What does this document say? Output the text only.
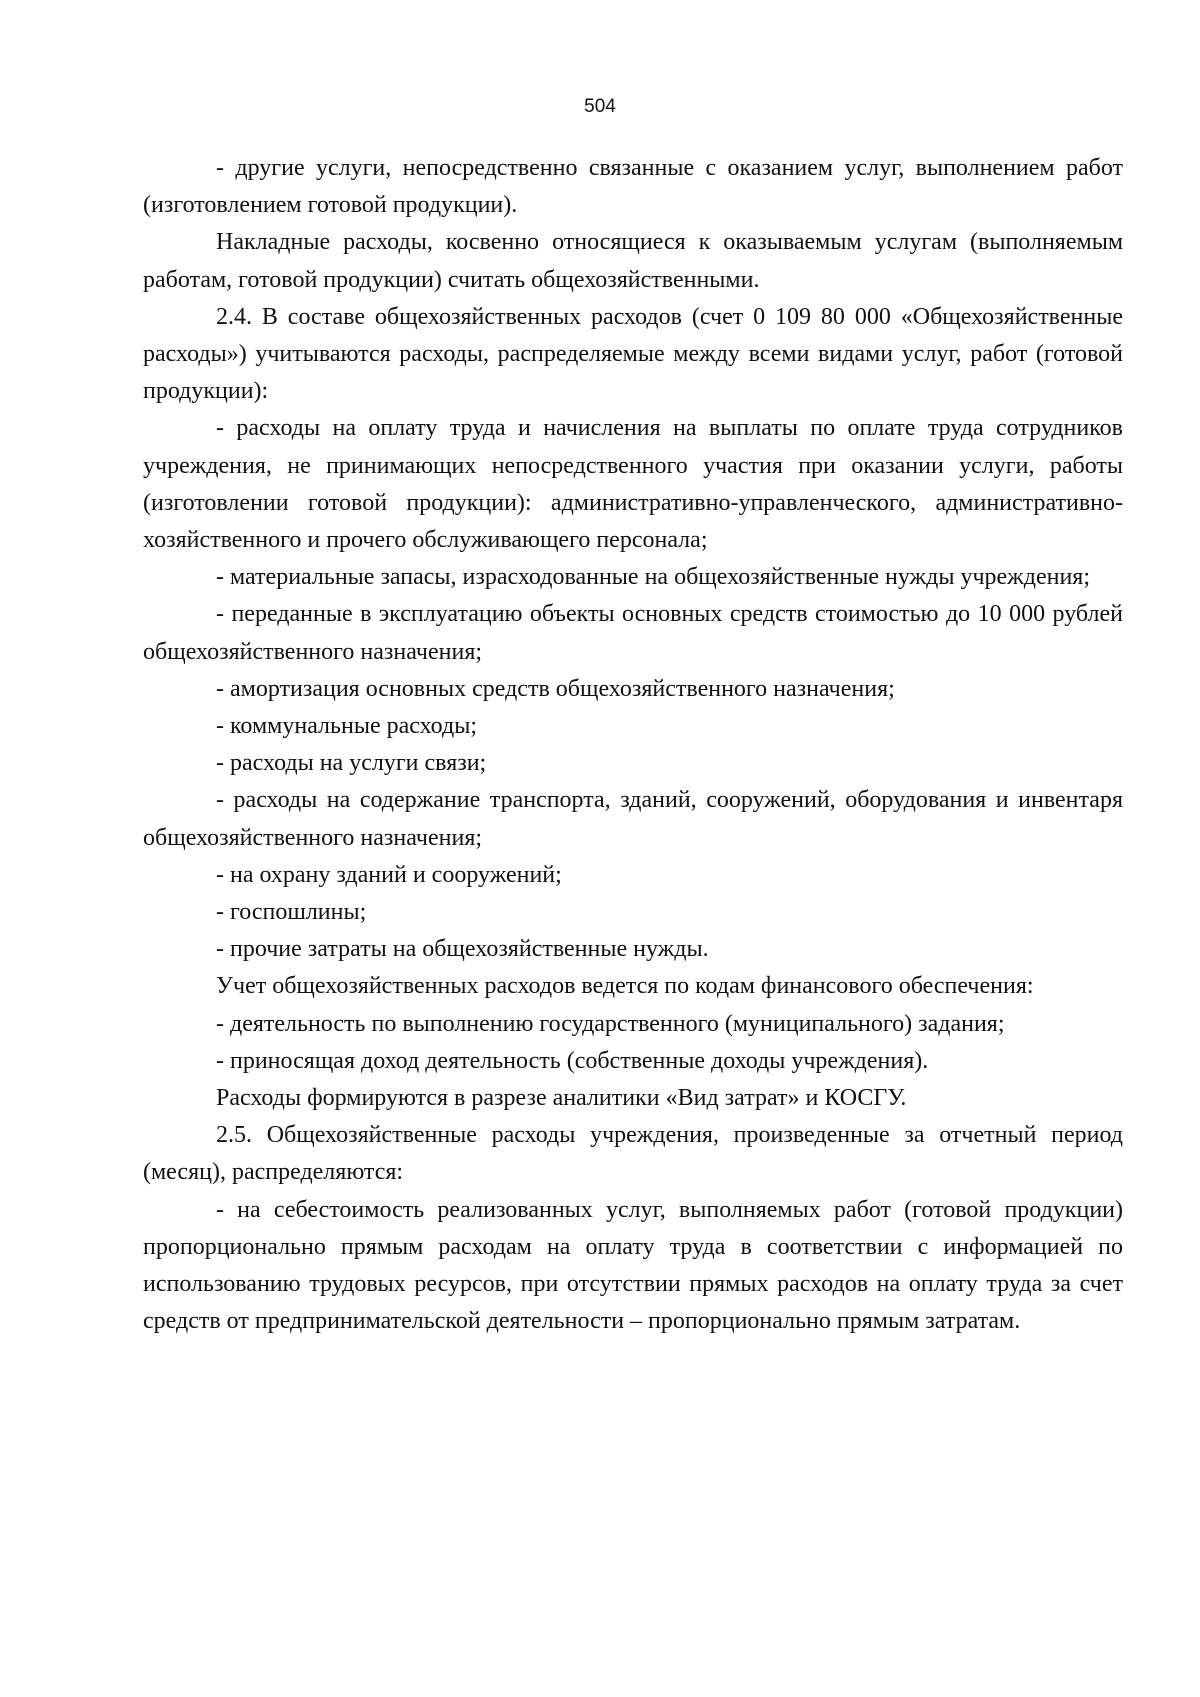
504

- другие услуги, непосредственно связанные с оказанием услуг, выполнением работ (изготовлением готовой продукции).

Накладные расходы, косвенно относящиеся к оказываемым услугам (выполняемым работам, готовой продукции) считать общехозяйственными.

2.4. В составе общехозяйственных расходов (счет 0 109 80 000 «Общехозяйственные расходы») учитываются расходы, распределяемые между всеми видами услуг, работ (готовой продукции):

- расходы на оплату труда и начисления на выплаты по оплате труда сотрудников учреждения, не принимающих непосредственного участия при оказании услуги, работы (изготовлении готовой продукции): административно-управленческого, административно-хозяйственного и прочего обслуживающего персонала;

- материальные запасы, израсходованные на общехозяйственные нужды учреждения;

- переданные в эксплуатацию объекты основных средств стоимостью до 10 000 рублей общехозяйственного назначения;

- амортизация основных средств общехозяйственного назначения;

- коммунальные расходы;

- расходы на услуги связи;

- расходы на содержание транспорта, зданий, сооружений, оборудования и инвентаря общехозяйственного назначения;

- на охрану зданий и сооружений;

- госпошлины;

- прочие затраты на общехозяйственные нужды.

Учет общехозяйственных расходов ведется по кодам финансового обеспечения:

- деятельность по выполнению государственного (муниципального) задания;

- приносящая доход деятельность (собственные доходы учреждения).

Расходы формируются в разрезе аналитики «Вид затрат» и КОСГУ.

2.5. Общехозяйственные расходы учреждения, произведенные за отчетный период (месяц), распределяются:

- на себестоимость реализованных услуг, выполняемых работ (готовой продукции) пропорционально прямым расходам на оплату труда в соответствии с информацией по использованию трудовых ресурсов, при отсутствии прямых расходов на оплату труда за счет средств от предпринимательской деятельности – пропорционально прямым затратам.
